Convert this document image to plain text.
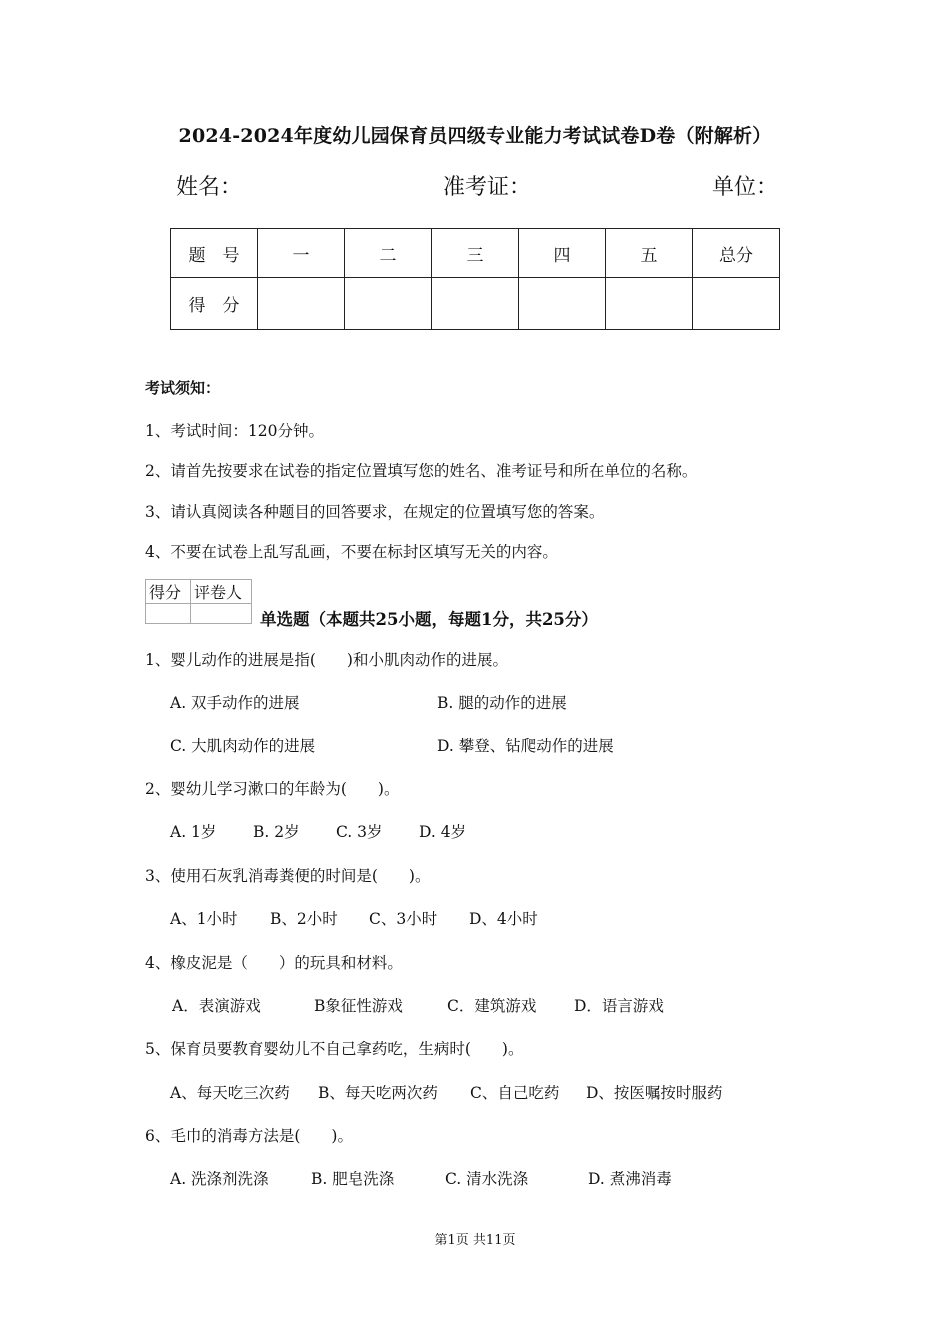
2024-2024年度幼儿园保育员四级专业能力考试试卷D卷（附解析）
姓名：	准考证：	单位：
题　号	一	二	三	四	五	总分
得　分						
考试须知：
1、考试时间：120分钟。
2、请首先按要求在试卷的指定位置填写您的姓名、准考证号和所在单位的名称。
3、请认真阅读各种题目的回答要求，在规定的位置填写您的答案。
4、不要在试卷上乱写乱画，不要在标封区填写无关的内容。
得分	评卷人

单选题（本题共25小题，每题1分，共25分）
1、婴儿动作的进展是指(　　)和小肌肉动作的进展。
A. 双手动作的进展	B. 腿的动作的进展
C. 大肌肉动作的进展	D. 攀登、钻爬动作的进展
2、婴幼儿学习漱口的年龄为(　　)。
A. 1岁 B. 2岁 C. 3岁 D. 4岁
3、使用石灰乳消毒粪便的时间是(　　)。
A、1小时 B、2小时 C、3小时 D、4小时
4、橡皮泥是（　　）的玩具和材料。
A．表演游戏	B象征性游戏	C．建筑游戏 D．语言游戏
5、保育员要教育婴幼儿不自己拿药吃，生病时(　　)。
A、每天吃三次药 B、每天吃两次药 C、自己吃药 D、按医嘱按时服药
6、毛巾的消毒方法是(　　)。
A. 洗涤剂洗涤	B. 肥皂洗涤	C. 清水洗涤	D. 煮沸消毒
第1页 共11页
